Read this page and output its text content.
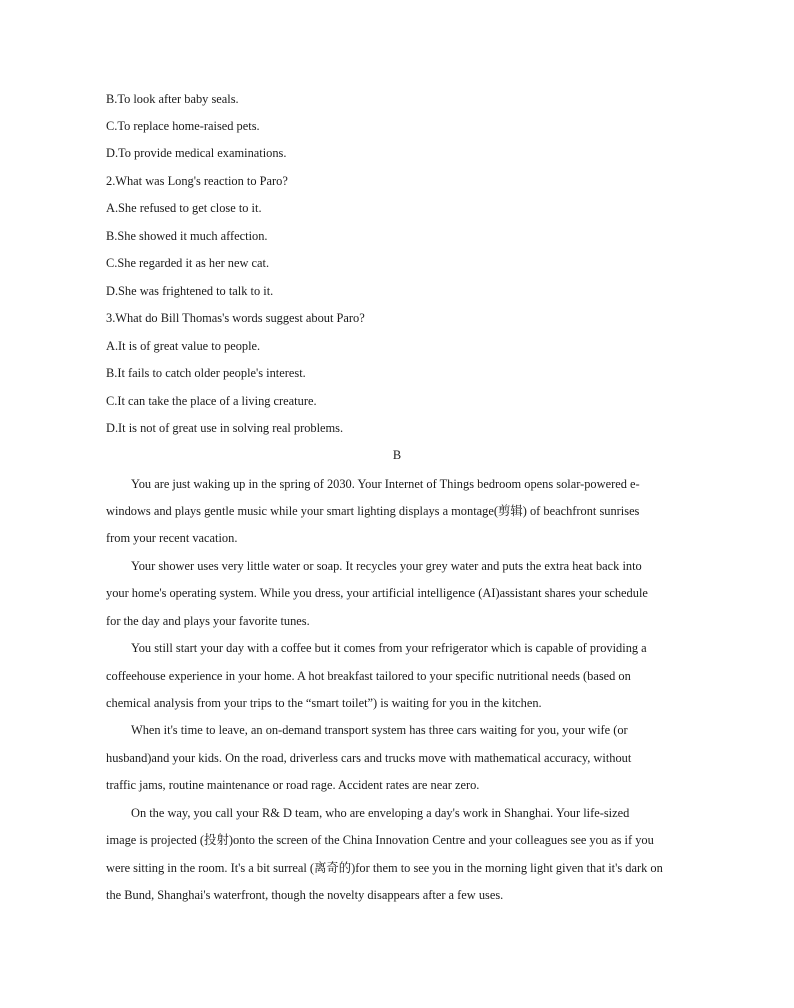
B.To look after baby seals.
C.To replace home-raised pets.
D.To provide medical examinations.
2.What was Long's reaction to Paro?
A.She refused to get close to it.
B.She showed it much affection.
C.She regarded it as her new cat.
D.She was frightened to talk to it.
3.What do Bill Thomas's words suggest about Paro?
A.It is of great value to people.
B.It fails to catch older people's interest.
C.It can take the place of a living creature.
D.It is not of great use in solving real problems.
B
You are just waking up in the spring of 2030. Your Internet of Things bedroom opens solar-powered e-
windows and plays gentle music while your smart lighting displays a montage(剪辑) of beachfront sunrises
from your recent vacation.
Your shower uses very little water or soap. It recycles your grey water and puts the extra heat back into
your home's operating system. While you dress, your artificial intelligence (AI)assistant shares your schedule
for the day and plays your favorite tunes.
You still start your day with a coffee but it comes from your refrigerator which is capable of providing a
coffeehouse experience in your home. A hot breakfast tailored to your specific nutritional needs (based on
chemical analysis from your trips to the “smart toilet”) is waiting for you in the kitchen.
When it's time to leave, an on-demand transport system has three cars waiting for you, your wife (or
husband)and your kids. On the road, driverless cars and trucks move with mathematical accuracy, without
traffic jams, routine maintenance or road rage. Accident rates are near zero.
On the way, you call your R& D team, who are enveloping a day's work in Shanghai. Your life-sized
image is projected (投射)onto the screen of the China Innovation Centre and your colleagues see you as if you
were sitting in the room. It's a bit surreal (离奇的)for them to see you in the morning light given that it's dark on
the Bund, Shanghai's waterfront, though the novelty disappears after a few uses.
